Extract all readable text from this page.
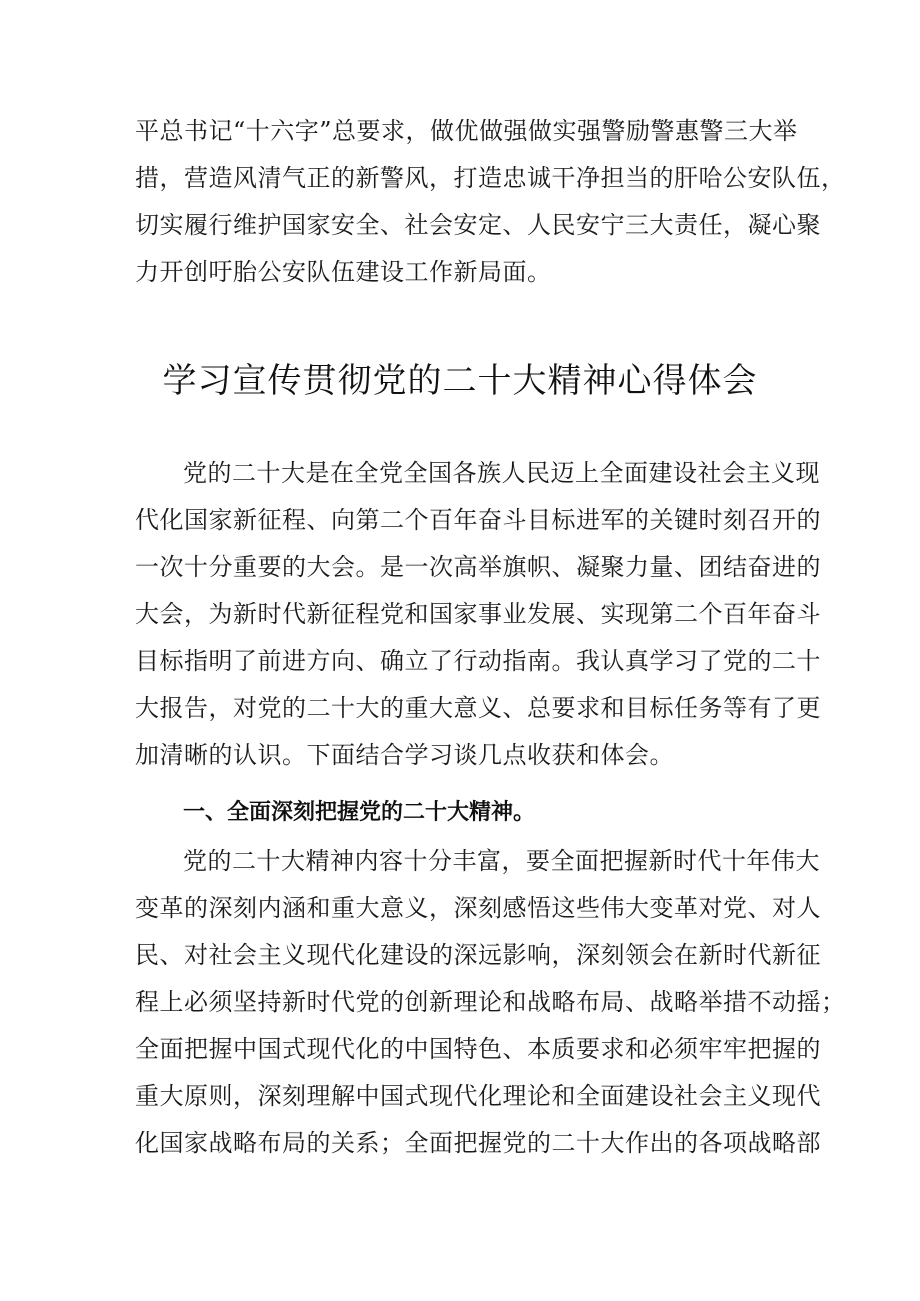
平总书记“十六字”总要求，做优做强做实强警励警惠警三大举

措，营造风清气正的新警风，打造忠诚干净担当的肝哈公安队伍，

切实履行维护国家安全、社会安定、人民安宁三大责任，凝心聚

力开创吁胎公安队伍建设工作新局面。

学习宣传贯彻党的二十大精神心得体会

党的二十大是在全党全国各族人民迈上全面建设社会主义现

代化国家新征程、向第二个百年奋斗目标进军的关键时刻召开的

一次十分重要的大会。是一次高举旗帜、凝聚力量、团结奋进的

大会，为新时代新征程党和国家事业发展、实现第二个百年奋斗

目标指明了前进方向、确立了行动指南。我认真学习了党的二十

大报告，对党的二十大的重大意义、总要求和目标任务等有了更

加清晰的认识。下面结合学习谈几点收获和体会。

一、全面深刻把握党的二十大精神。

党的二十大精神内容十分丰富，要全面把握新时代十年伟大

变革的深刻内涵和重大意义，深刻感悟这些伟大变革对党、对人

民、对社会主义现代化建设的深远影响，深刻领会在新时代新征

程上必须坚持新时代党的创新理论和战略布局、战略举措不动摇；

全面把握中国式现代化的中国特色、本质要求和必须牢牢把握的

重大原则，深刻理解中国式现代化理论和全面建设社会主义现代

化国家战略布局的关系；全面把握党的二十大作出的各项战略部
